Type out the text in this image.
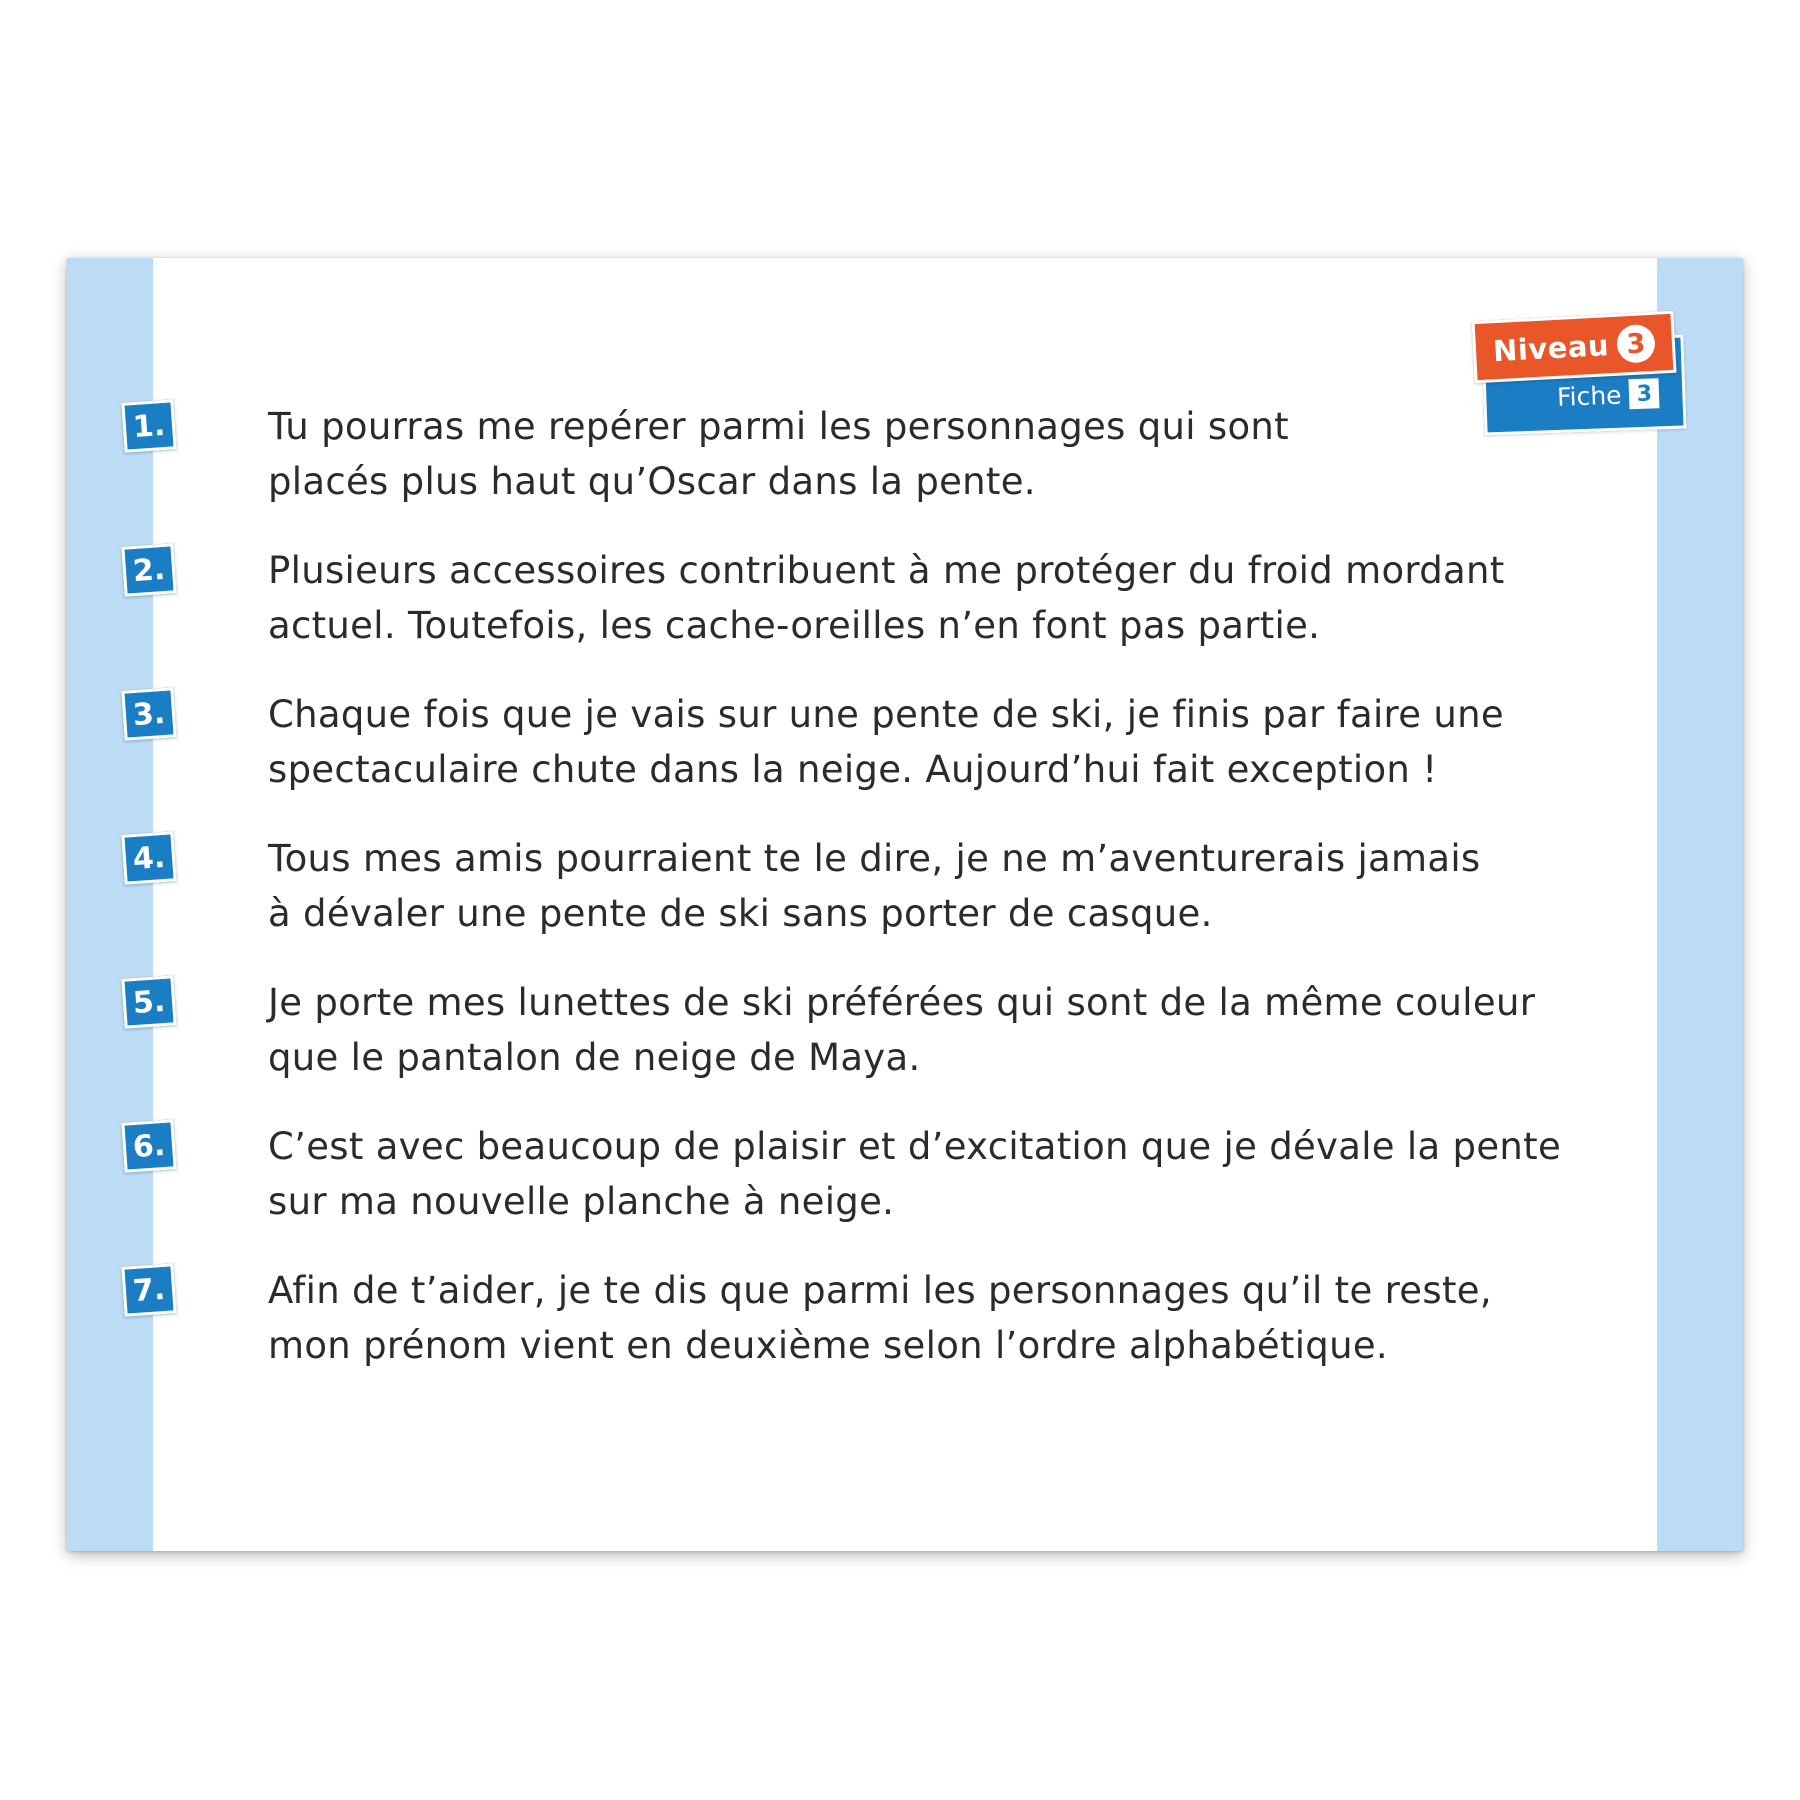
Niveau 3
Fiche 3
1.	Tu pourras me repérer parmi les personnages qui sont
placés plus haut qu’Oscar dans la pente.
2.	Plusieurs accessoires contribuent à me protéger du froid mordant
actuel. Toutefois, les cache-oreilles n’en font pas partie.
3.	Chaque fois que je vais sur une pente de ski, je finis par faire une
spectaculaire chute dans la neige. Aujourd’hui fait exception !
4.	Tous mes amis pourraient te le dire, je ne m’aventurerais jamais
à dévaler une pente de ski sans porter de casque.
5.	Je porte mes lunettes de ski préférées qui sont de la même couleur
que le pantalon de neige de Maya.
6.	C’est avec beaucoup de plaisir et d’excitation que je dévale la pente
sur ma nouvelle planche à neige.
7.	Afin de t’aider, je te dis que parmi les personnages qu’il te reste,
mon prénom vient en deuxième selon l’ordre alphabétique.
